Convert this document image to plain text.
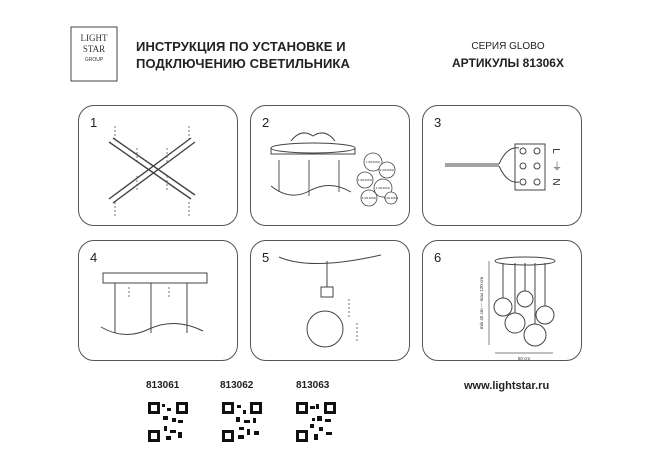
LIGHT
STAR
GROUP
ИНСТРУКЦИЯ ПО УСТАНОВКЕ И
ПОДКЛЮЧЕНИЮ СВЕТИЛЬНИКА
СЕРИЯ GLOBO
АРТИКУЛЫ 81306X
1
1 (813061)
2 (813062)
3 (813063)
4 (813061)
5 (813062) 6 (813063)
2
L
⏚
N
3
4	5
min 45 cm — max 120 cm
50 cm
6
813061	813062	813063	www.lightstar.ru
